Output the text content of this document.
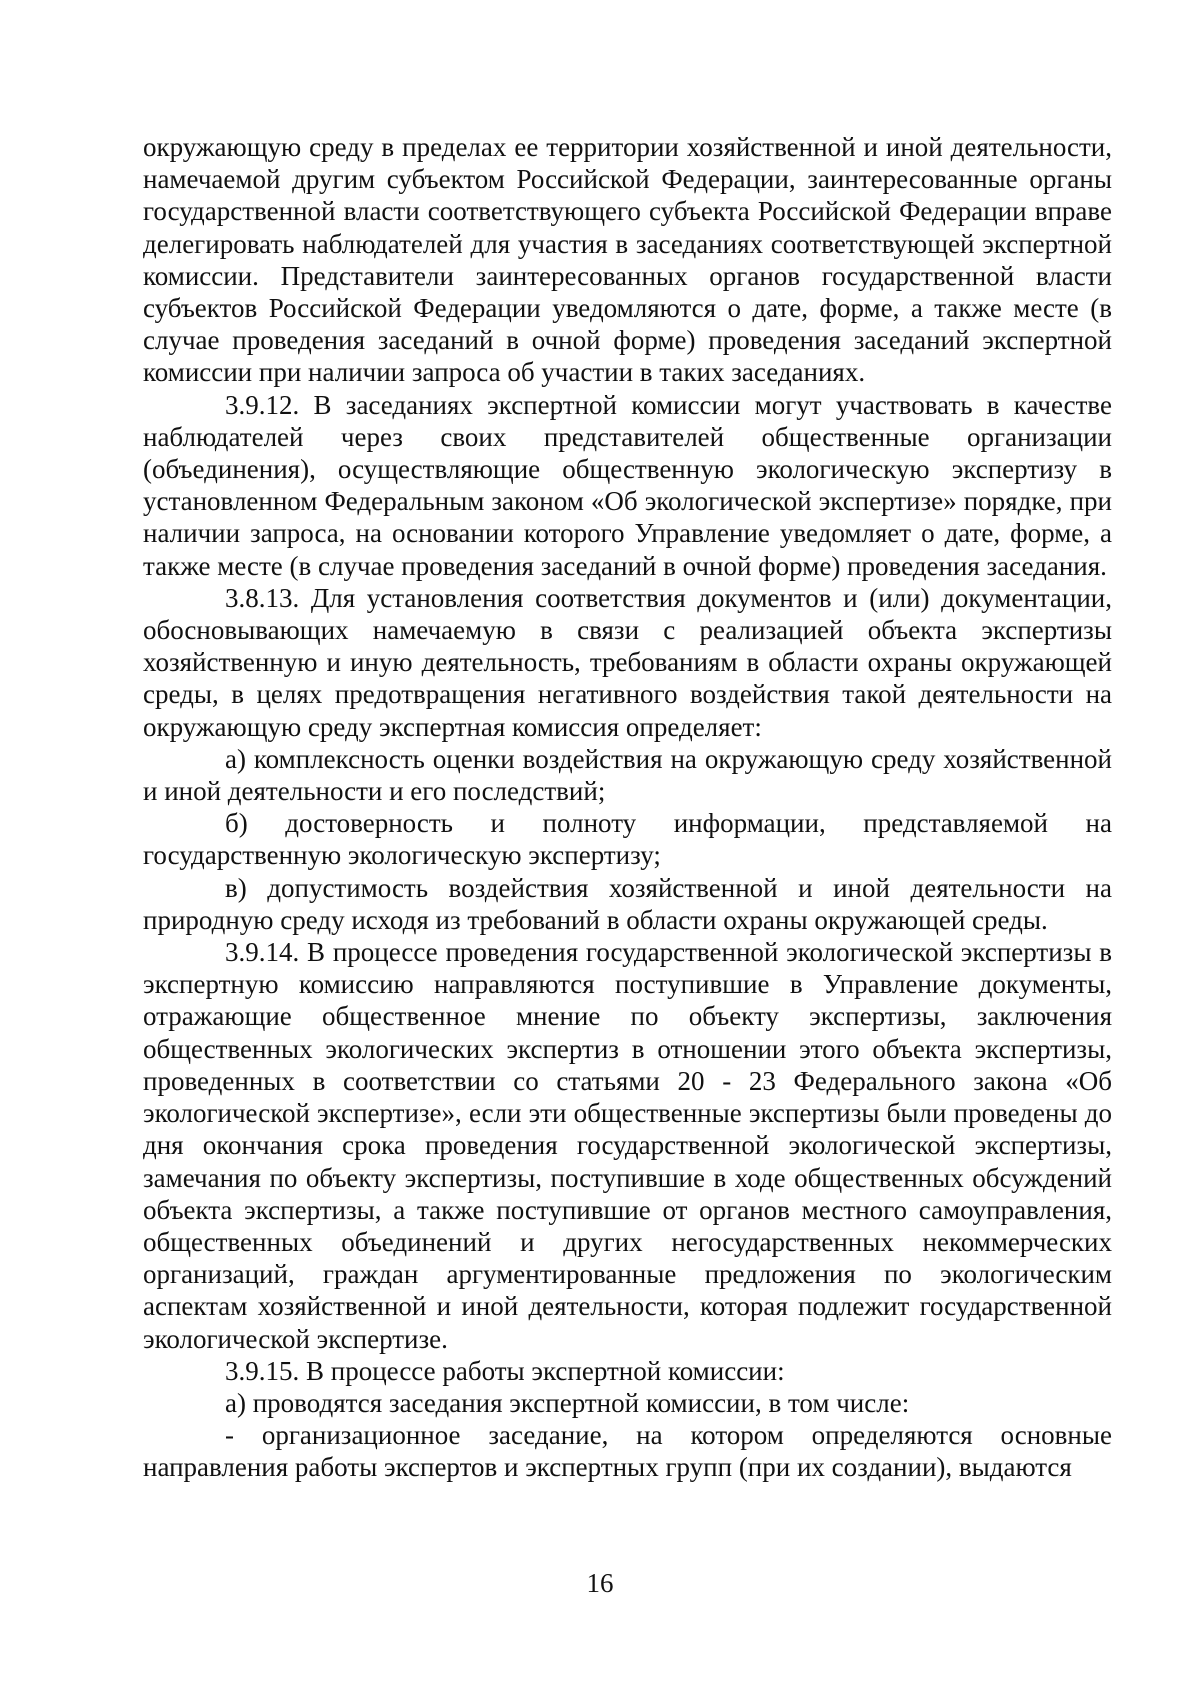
окружающую среду в пределах ее территории хозяйственной и иной деятельности, намечаемой другим субъектом Российской Федерации, заинтересованные органы государственной власти соответствующего субъекта Российской Федерации вправе делегировать наблюдателей для участия в заседаниях соответствующей экспертной комиссии. Представители заинтересованных органов государственной власти субъектов Российской Федерации уведомляются о дате, форме, а также месте (в случае проведения заседаний в очной форме) проведения заседаний экспертной комиссии при наличии запроса об участии в таких заседаниях.

3.9.12. В заседаниях экспертной комиссии могут участвовать в качестве наблюдателей через своих представителей общественные организации (объединения), осуществляющие общественную экологическую экспертизу в установленном Федеральным законом «Об экологической экспертизе» порядке, при наличии запроса, на основании которого Управление уведомляет о дате, форме, а также месте (в случае проведения заседаний в очной форме) проведения заседания.

3.8.13. Для установления соответствия документов и (или) документации, обосновывающих намечаемую в связи с реализацией объекта экспертизы хозяйственную и иную деятельность, требованиям в области охраны окружающей среды, в целях предотвращения негативного воздействия такой деятельности на окружающую среду экспертная комиссия определяет:

а) комплексность оценки воздействия на окружающую среду хозяйственной и иной деятельности и его последствий;

б) достоверность и полноту информации, представляемой на государственную экологическую экспертизу;

в) допустимость воздействия хозяйственной и иной деятельности на природную среду исходя из требований в области охраны окружающей среды.

3.9.14. В процессе проведения государственной экологической экспертизы в экспертную комиссию направляются поступившие в Управление документы, отражающие общественное мнение по объекту экспертизы, заключения общественных экологических экспертиз в отношении этого объекта экспертизы, проведенных в соответствии со статьями 20 - 23 Федерального закона «Об экологической экспертизе», если эти общественные экспертизы были проведены до дня окончания срока проведения государственной экологической экспертизы, замечания по объекту экспертизы, поступившие в ходе общественных обсуждений объекта экспертизы, а также поступившие от органов местного самоуправления, общественных объединений и других негосударственных некоммерческих организаций, граждан аргументированные предложения по экологическим аспектам хозяйственной и иной деятельности, которая подлежит государственной экологической экспертизе.

3.9.15. В процессе работы экспертной комиссии:

а) проводятся заседания экспертной комиссии, в том числе:

- организационное заседание, на котором определяются основные направления работы экспертов и экспертных групп (при их создании), выдаются

16
